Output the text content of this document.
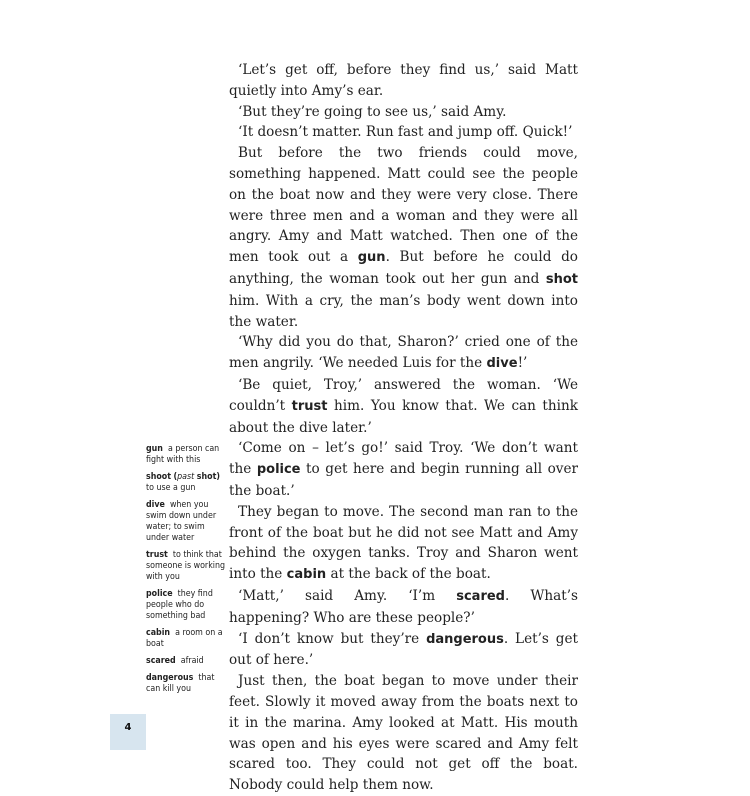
‘Let’s get off, before they find us,’ said Matt quietly into Amy’s ear.

‘But they’re going to see us,’ said Amy.

‘It doesn’t matter. Run fast and jump off. Quick!’

But before the two friends could move, something happened. Matt could see the people on the boat now and they were very close. There were three men and a woman and they were all angry. Amy and Matt watched. Then one of the men took out a gun. But before he could do anything, the woman took out her gun and shot him. With a cry, the man’s body went down into the water.

‘Why did you do that, Sharon?’ cried one of the men angrily. ‘We needed Luis for the dive!’

‘Be quiet, Troy,’ answered the woman. ‘We couldn’t trust him. You know that. We can think about the dive later.’

‘Come on – let’s go!’ said Troy. ‘We don’t want the police to get here and begin running all over the boat.’

They began to move. The second man ran to the front of the boat but he did not see Matt and Amy behind the oxygen tanks. Troy and Sharon went into the cabin at the back of the boat.

‘Matt,’ said Amy. ‘I’m scared. What’s happening? Who are these people?’

‘I don’t know but they’re dangerous. Let’s get out of here.’

Just then, the boat began to move under their feet. Slowly it moved away from the boats next to it in the marina. Amy looked at Matt. His mouth was open and his eyes were scared and Amy felt scared too. They could not get off the boat. Nobody could help them now.

gun a person can fight with this
shoot (past shot) to use a gun
dive when you swim down under water; to swim under water
trust to think that someone is working with you
police they find people who do something bad
cabin a room on a boat
scared afraid
dangerous that can kill you
4
